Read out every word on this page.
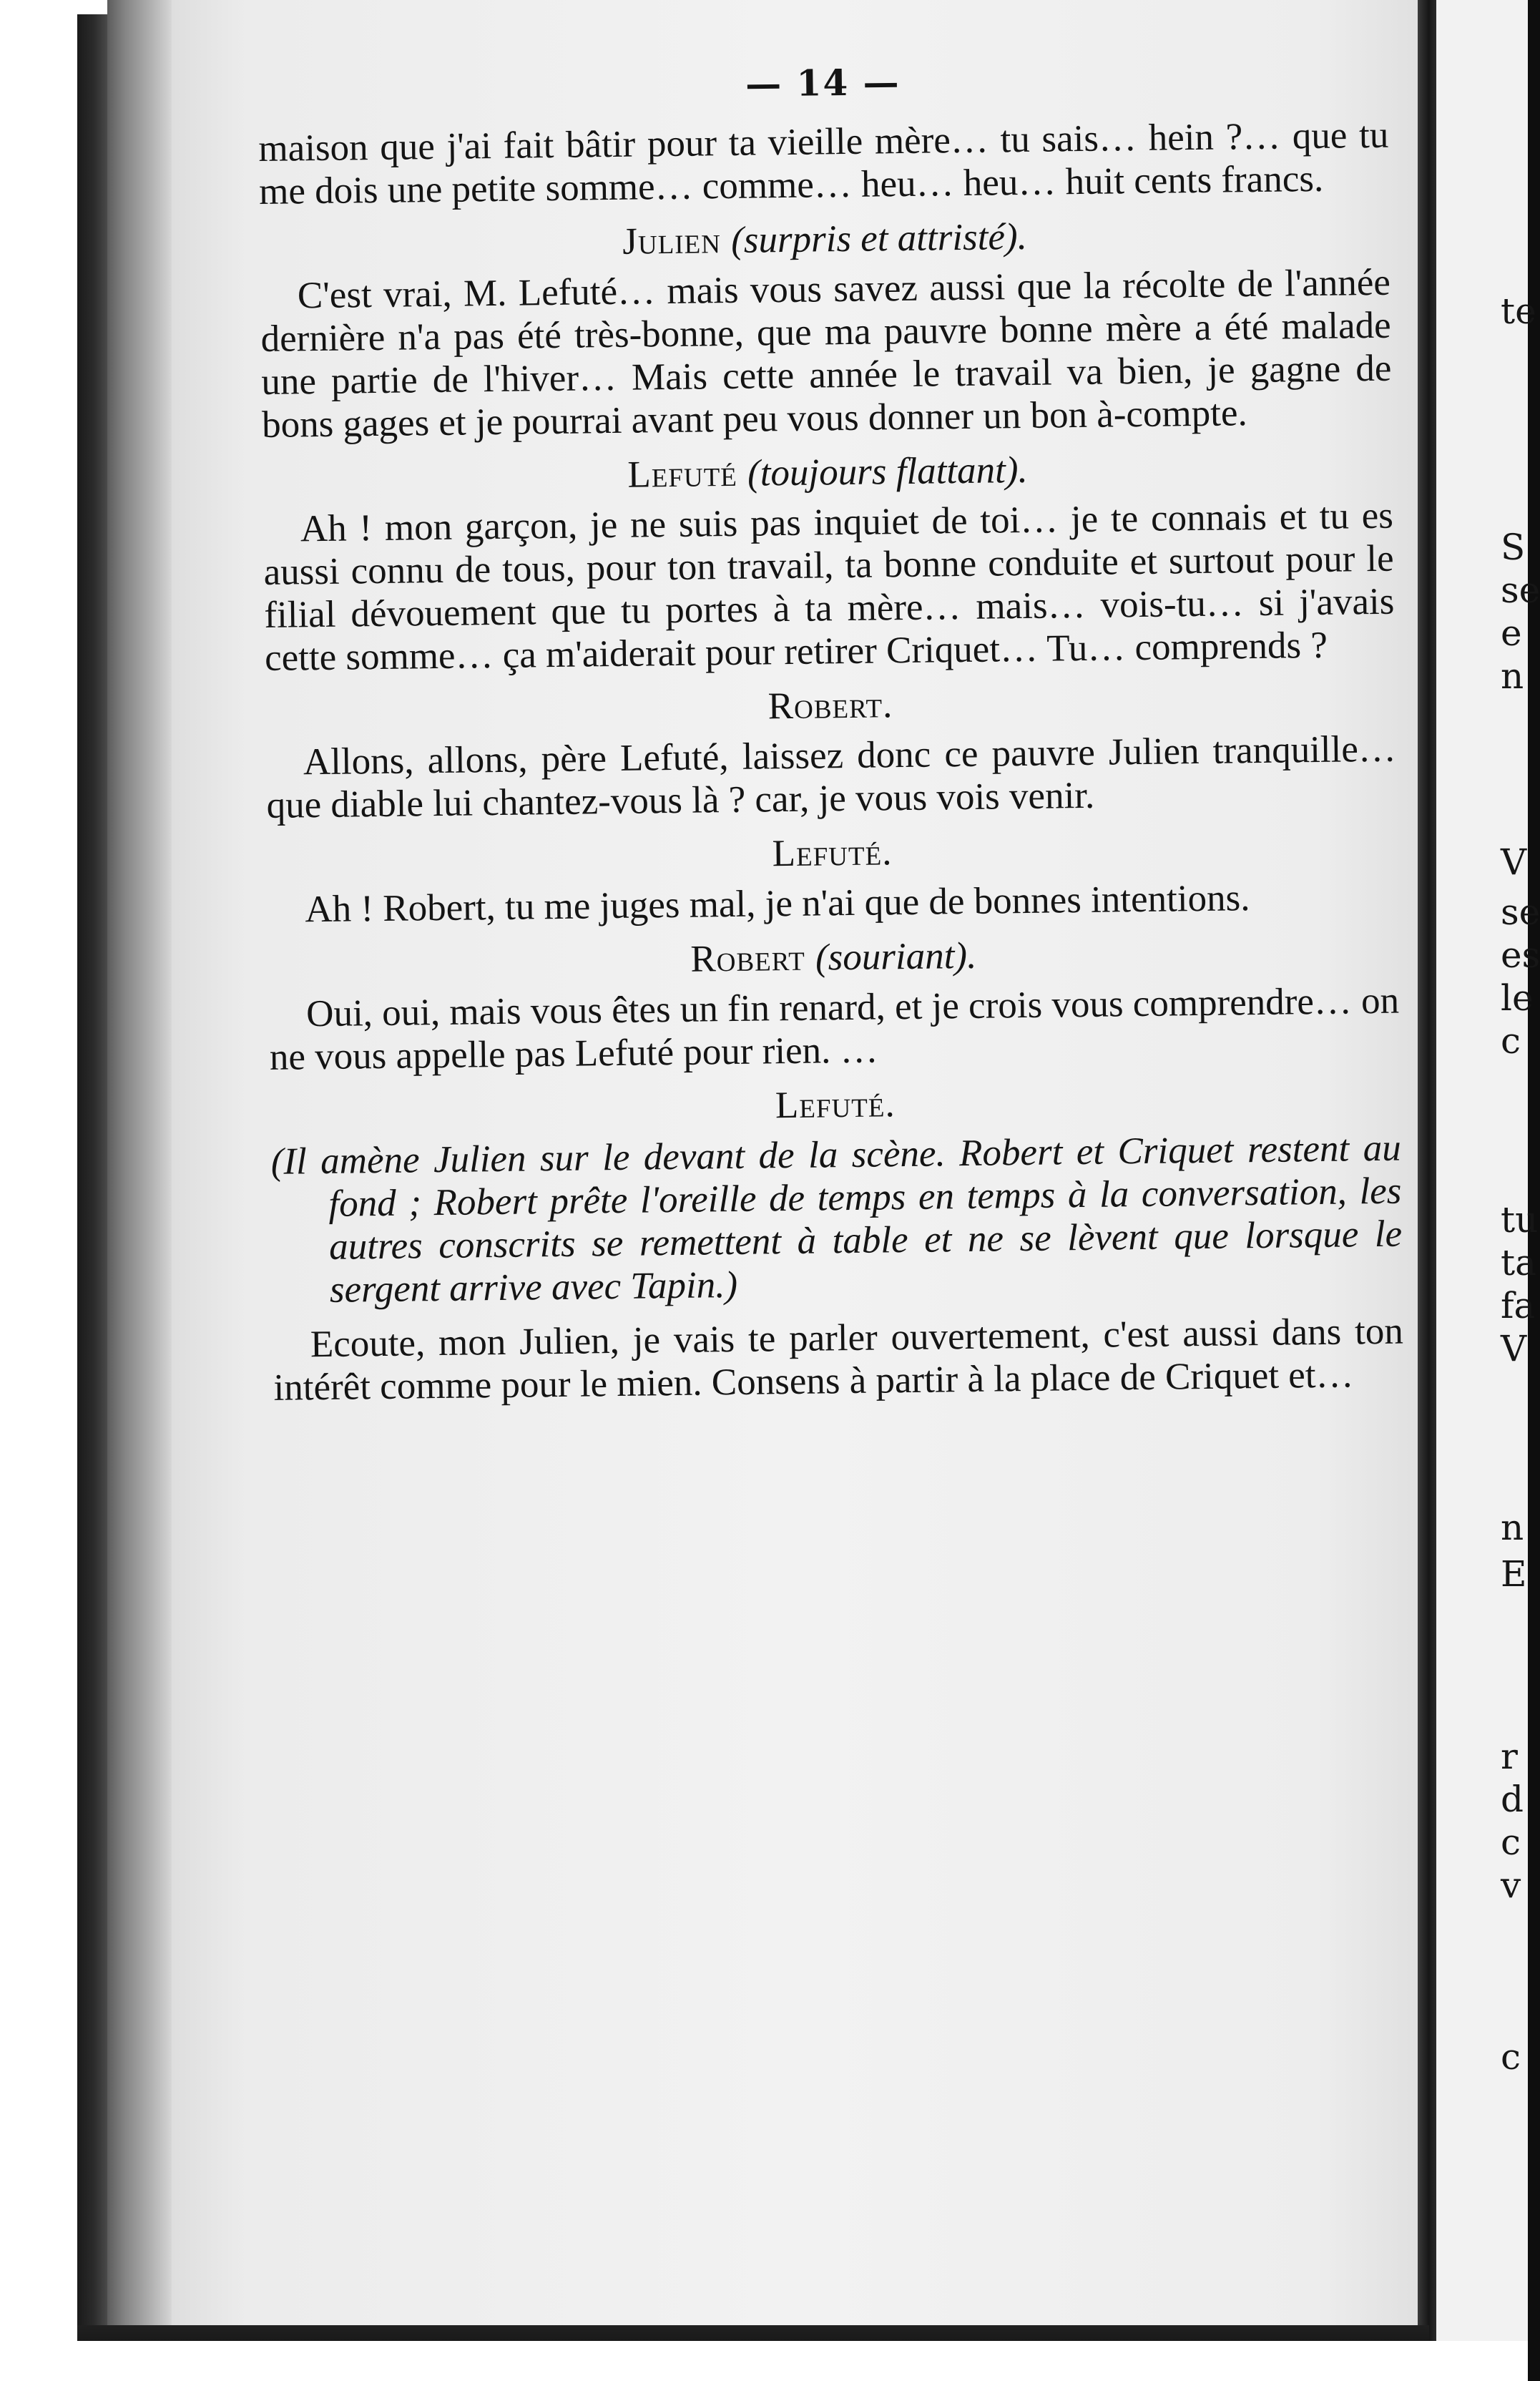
— 14 —

maison que j'ai fait bâtir pour ta vieille mère… tu sais… hein ?… que tu me dois une petite somme… comme… heu… heu… huit cents francs.

Julien (surpris et attristé).

C'est vrai, M. Lefuté… mais vous savez aussi que la récolte de l'année dernière n'a pas été très-bonne, que ma pauvre bonne mère a été malade une partie de l'hiver… Mais cette année le travail va bien, je gagne de bons gages et je pourrai avant peu vous donner un bon à-compte.

Lefuté (toujours flattant).

Ah ! mon garçon, je ne suis pas inquiet de toi… je te connais et tu es aussi connu de tous, pour ton travail, ta bonne conduite et surtout pour le filial dévouement que tu portes à ta mère… mais… vois-tu… si j'avais cette somme… ça m'aiderait pour retirer Criquet… Tu… comprends ?

Robert.

Allons, allons, père Lefuté, laissez donc ce pauvre Julien tranquille…que diable lui chantez-vous là ? car, je vous vois venir.

Lefuté.

Ah ! Robert, tu me juges mal, je n'ai que de bonnes intentions.

Robert (souriant).

Oui, oui, mais vous êtes un fin renard, et je crois vous comprendre… on ne vous appelle pas Lefuté pour rien. …

Lefuté.

(Il amène Julien sur le devant de la scène. Robert et Criquet restent au fond ; Robert prête l'oreille de temps en temps à la conversation, les autres conscrits se remettent à table et ne se lèvent que lorsque le sergent arrive avec Tapin.)

Ecoute, mon Julien, je vais te parler ouvertement, c'est aussi dans ton intérêt comme pour le mien. Consens à partir à la place de Criquet et…

te
S
se
e
n
V
se
es
le
c
tu
ta
fa
V
n
E
r
d
c
v
c
